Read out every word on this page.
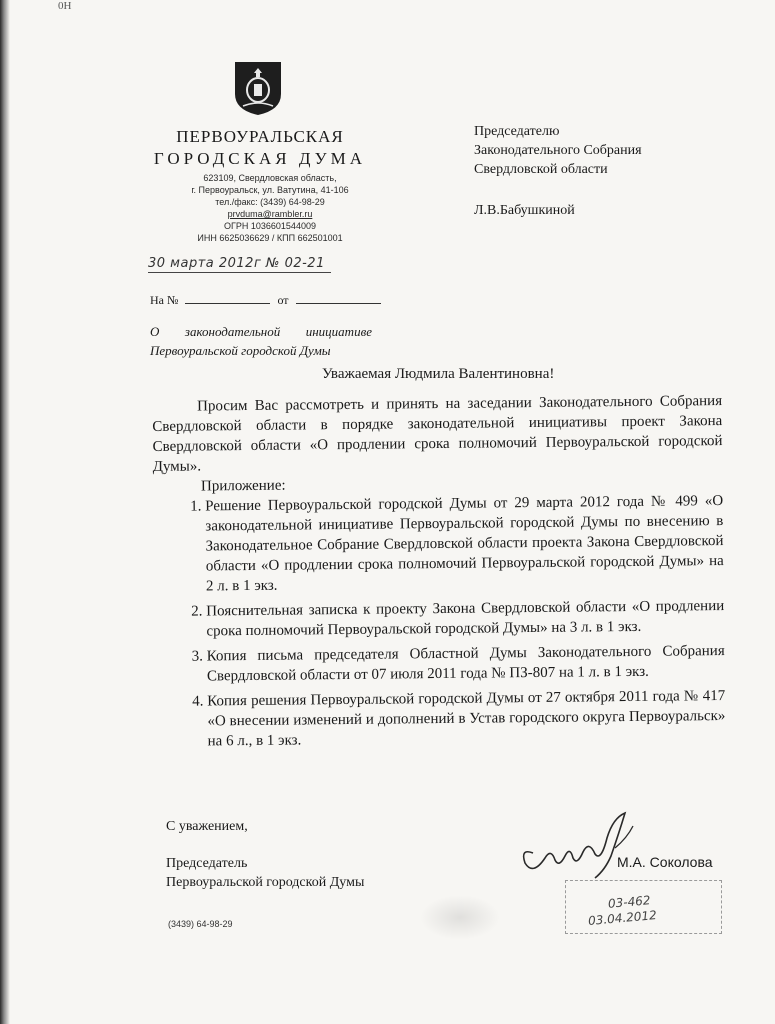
0Н
ПЕРВОУРАЛЬСКАЯ
ГОРОДСКАЯ ДУМА
623109, Свердловская область,
г. Первоуральск, ул. Ватутина, 41-106
тел./факс: (3439) 64-98-29
prvduma@rambler.ru
ОГРН 1036601544009
ИНН 6625036629 / КПП 662501001
30 марта 2012г № 02-21
На №	от
О законодательной инициативе
Первоуральской городской Думы
Председателю
Законодательного Собрания
Свердловской области
Л.В.Бабушкиной
Уважаемая Людмила Валентиновна!

Просим Вас рассмотреть и принять на заседании Законодательного Собрания Свердловской области в порядке законодательной инициативы проект Закона Свердловской области «О продлении срока полномочий Первоуральской городской Думы».

Приложение:

1. Решение Первоуральской городской Думы от 29 марта 2012 года № 499 «О законодательной инициативе Первоуральской городской Думы по внесению в Законодательное Собрание Свердловской области проекта Закона Свердловской области «О продлении срока полномочий Первоуральской городской Думы» на 2 л. в 1 экз.
2. Пояснительная записка к проекту Закона Свердловской области «О продлении срока полномочий Первоуральской городской Думы» на 3 л. в 1 экз.
3. Копия письма председателя Областной Думы Законодательного Собрания Свердловской области от 07 июля 2011 года № ПЗ-807 на 1 л. в 1 экз.
4. Копия решения Первоуральской городской Думы от 27 октября 2011 года № 417 «О внесении изменений и дополнений в Устав городского округа Первоуральск» на 6 л., в 1 экз.
С уважением,
Председатель
Первоуральской городской Думы
М.А. Соколова
(3439) 64-98-29
03-462
03.04.2012
